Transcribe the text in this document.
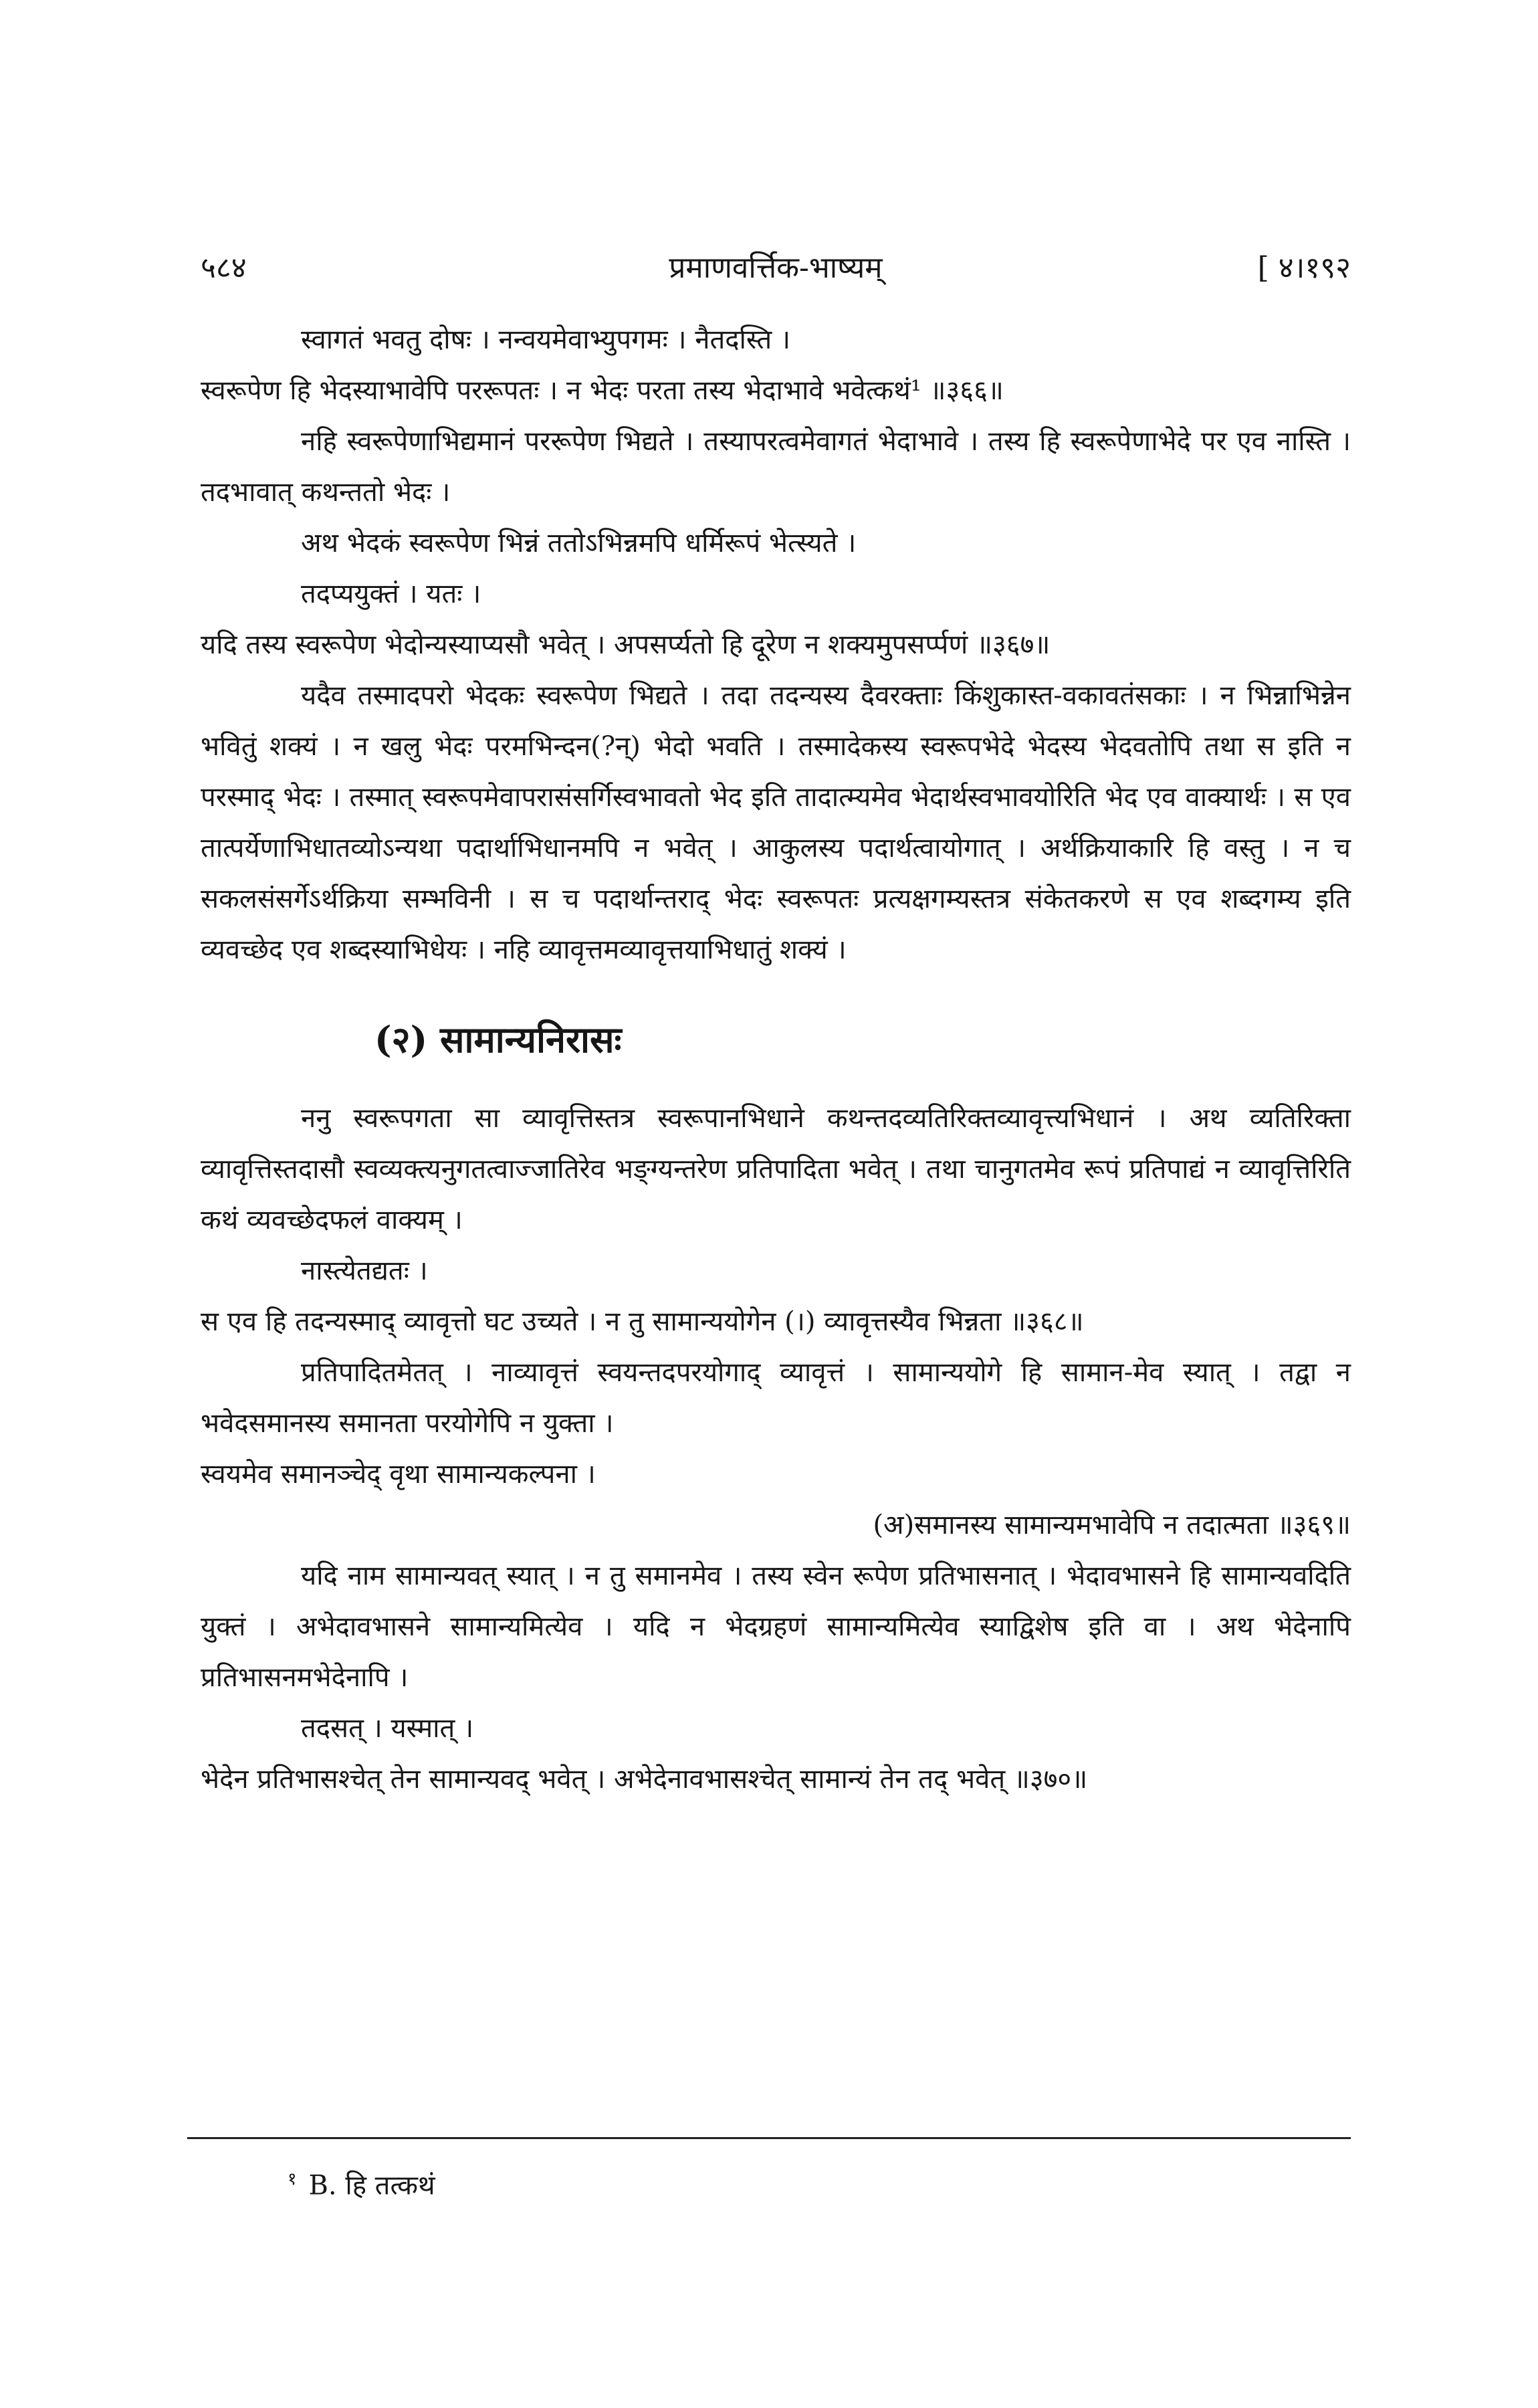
५८४	प्रमाणवर्त्तिक-भाष्यम्	[ ४।१९२

स्वागतं भवतु दोषः । नन्वयमेवाभ्युपगमः । नैतदस्ति ।

स्वरूपेण हि भेदस्याभावेपि पररूपतः । न भेदः परता तस्य भेदाभावे भवेत्कथं¹ ॥३६६॥

नहि स्वरूपेणाभिद्यमानं पररूपेण भिद्यते । तस्यापरत्वमेवागतं भेदाभावे । तस्य हि स्वरूपेणाभेदे पर एव नास्ति । तदभावात् कथन्ततो भेदः ।

अथ भेदकं स्वरूपेण भिन्नं ततोऽभिन्नमपि धर्मिरूपं भेत्स्यते ।

तदप्ययुक्तं । यतः ।

यदि तस्य स्वरूपेण भेदोन्यस्याप्यसौ भवेत् । अपसर्प्यतो हि दूरेण न शक्यमुपसर्प्पणं ॥३६७॥

यदैव तस्मादपरो भेदकः स्वरूपेण भिद्यते । तदा तदन्यस्य दैवरक्ताः किंशुकास्त-वकावतंसकाः । न भिन्नाभिन्नेन भवितुं शक्यं । न खलु भेदः परमभिन्दन(?न्) भेदो भवति । तस्मादेकस्य स्वरूपभेदे भेदस्य भेदवतोपि तथा स इति न परस्माद् भेदः । तस्मात् स्वरूपमेवापरासंसर्गिस्वभावतो भेद इति तादात्म्यमेव भेदार्थस्वभावयोरिति भेद एव वाक्यार्थः । स एव तात्पर्येणाभिधातव्योऽन्यथा पदार्थाभिधानमपि न भवेत् । आकुलस्य पदार्थत्वायोगात् । अर्थक्रियाकारि हि वस्तु । न च सकलसंसर्गेऽर्थक्रिया सम्भविनी । स च पदार्थान्तराद् भेदः स्वरूपतः प्रत्यक्षगम्यस्तत्र संकेतकरणे स एव शब्दगम्य इति व्यवच्छेद एव शब्दस्याभिधेयः । नहि व्यावृत्तमव्यावृत्तयाभिधातुं शक्यं ।

(२) सामान्यनिरासः

ननु स्वरूपगता सा व्यावृत्तिस्तत्र स्वरूपानभिधाने कथन्तदव्यतिरिक्तव्यावृत्त्यभिधानं । अथ व्यतिरिक्ता व्यावृत्तिस्तदासौ स्वव्यक्त्यनुगतत्वाज्जातिरेव भङ्ग्यन्तरेण प्रतिपादिता भवेत् । तथा चानुगतमेव रूपं प्रतिपाद्यं न व्यावृत्तिरिति कथं व्यवच्छेदफलं वाक्यम् ।

नास्त्येतद्यतः ।

स एव हि तदन्यस्माद् व्यावृत्तो घट उच्यते । न तु सामान्ययोगेन (।) व्यावृत्तस्यैव भिन्नता ॥३६८॥

प्रतिपादितमेतत् । नाव्यावृत्तं स्वयन्तदपरयोगाद् व्यावृत्तं । सामान्ययोगे हि सामान-मेव स्यात् । तद्वा न भवेदसमानस्य समानता परयोगेपि न युक्ता ।

स्वयमेव समानञ्चेद् वृथा सामान्यकल्पना ।

(अ)समानस्य सामान्यमभावेपि न तदात्मता ॥३६९॥

यदि नाम सामान्यवत् स्यात् । न तु समानमेव । तस्य स्वेन रूपेण प्रतिभासनात् । भेदावभासने हि सामान्यवदिति युक्तं । अभेदावभासने सामान्यमित्येव । यदि न भेदग्रहणं सामान्यमित्येव स्याद्विशेष इति वा । अथ भेदेनापि प्रतिभासनमभेदेनापि ।

तदसत् । यस्मात् ।

भेदेन प्रतिभासश्चेत् तेन सामान्यवद् भवेत् । अभेदेनावभासश्चेत् सामान्यं तेन तद् भवेत् ॥३७०॥

$^१$ B. हि तत्कथं
